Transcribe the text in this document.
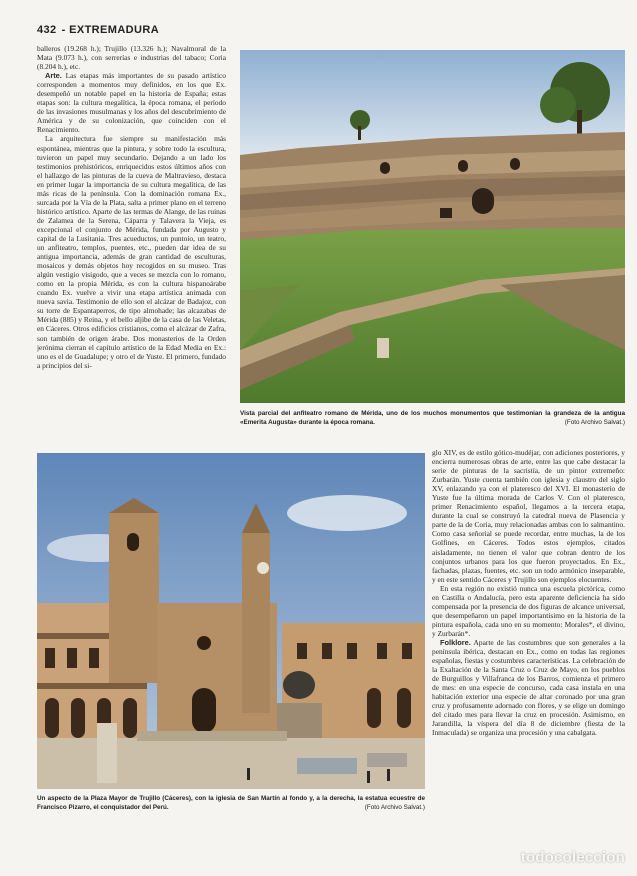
432 - EXTREMADURA

balleros (19.268 h.); Trujillo (13.326 h.); Navalmoral de la Mata (9.073 h.), con serrerías e industrias del tabaco; Coria (8.204 h.), etc.

Arte. Las etapas más importantes de su pasado artístico corresponden a momentos muy definidos, en los que Ex. desempeñó un notable papel en la historia de España; estas etapas son: la cultura megalítica, la época romana, el período de las invasiones musulmanas y los años del descubrimiento de América y de su colonización, que coinciden con el Renacimiento.

La arquitectura fue siempre su manifestación más espontánea, mientras que la pintura, y sobre todo la escultura, tuvieron un papel muy secundario. Dejando a un lado los testimonios prehistóricos, enriquecidos estos últimos años con el hallazgo de las pinturas de la cueva de Maltravieso, destaca en primer lugar la importancia de su cultura megalítica, de las más ricas de la península. Con la dominación romana Ex., surcada por la Vía de la Plata, salta a primer plano en el terreno histórico artístico. Aparte de las termas de Alange, de las ruinas de Zalamea de la Serena, Cáparra y Talavera la Vieja, es excepcional el conjunto de Mérida, fundada por Augusto y capital de la Lusitania. Tres acueductos, un puntoio, un teatro, un anfiteatro, templos, puentes, etc., pueden dar idea de su antigua importancia, además de gran cantidad de esculturas, mosaicos y demás objetos hoy recogidos en su museo. Tras algún vestigio visigodo, que a veces se mezcla con lo romano, como en la propia Mérida, es con la cultura hispanoárabe cuando Ex. vuelve a vivir una etapa artística animada con nueva savia. Testimonio de ello son el alcázar de Badajoz, con su torre de Espantaperros, de tipo almohade; las alcazabas de Mérida (885) y Reina, y el bello aljibe de la casa de las Veletas, en Cáceres. Otros edificios cristianos, como el alcázar de Zafra, son también de origen árabe. Dos monasterios de la Orden jerónima cierran el capítulo artístico de la Edad Media en Ex.: uno es el de Guadalupe; y otro el de Yuste. El primero, fundado a principios del si-

Vista parcial del anfiteatro romano de Mérida, uno de los muchos monumentos que testimonian la grandeza de la antigua «Emerita Augusta» durante la época romana.	(Foto Archivo Salvat.)
Un aspecto de la Plaza Mayor de Trujillo (Cáceres), con la iglesia de San Martín al fondo y, a la derecha, la estatua ecuestre de Francisco Pizarro, el conquistador del Perú.	(Foto Archivo Salvat.)

glo XIV, es de estilo gótico-mudéjar, con adiciones posteriores, y encierra numerosas obras de arte, entre las que cabe destacar la serie de pinturas de la sacristía, de un pintor extremeño: Zurbarán. Yuste cuenta también con iglesia y claustro del siglo XV, enlazando ya con el plateresco del XVI. El monasterio de Yuste fue la última morada de Carlos V. Con el plateresco, primer Renacimiento español, llegamos a la tercera etapa, durante la cual se construyó la catedral nueva de Plasencia y parte de la de Coria, muy relacionadas ambas con lo salmantino. Como casa señorial se puede recordar, entre muchas, la de los Golfines, en Cáceres. Todos estos ejemplos, citados aisladamente, no tienen el valor que cobran dentro de los conjuntos urbanos para los que fueron proyectados. En Ex., fachadas, plazas, fuentes, etc. son un todo armónico inseparable, y en este sentido Cáceres y Trujillo son ejemplos elocuentes.

En esta región no existió nunca una escuela pictórica, como en Castilla o Andalucía, pero esta aparente deficiencia ha sido compensada por la presencia de dos figuras de alcance universal, que desempeñaron un papel importantísimo en la historia de la pintura española, cada uno en su momento: Morales*, el divino, y Zurbarán*.

Folklore. Aparte de las costumbres que son generales a la península ibérica, destacan en Ex., como en todas las regiones españolas, fiestas y costumbres características. La celebración de la Exaltación de la Santa Cruz o Cruz de Mayo, en los pueblos de Burguillos y Villafranca de los Barros, comienza el primero de mes: en una especie de concurso, cada casa instala en una habitación exterior una especie de altar coronado por una gran cruz y profusamente adornado con flores, y se elige un domingo del citado mes para llevar la cruz en procesión. Asimismo, en Jarandilla, la víspera del día 8 de diciembre (fiesta de la Inmaculada) se organiza una procesión y una cabalgata.

todocoleccion
